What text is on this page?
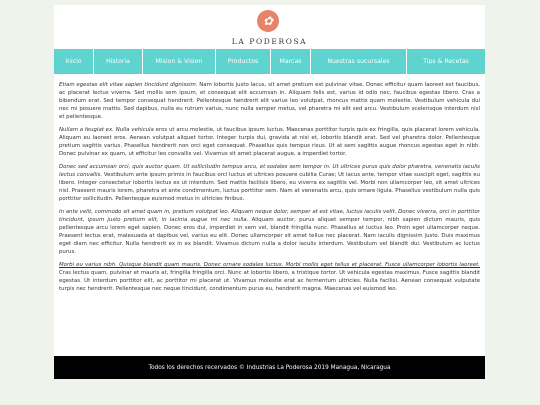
✿
LA PODEROSA
Inicio	Historia	Mision & Vision	Productos	Marcas	Nuestras sucursales	Tips & Recetas

Etiam egestas elit vitae sapien tincidunt dignissim. Nam lobortis justo lacus, sit amet pretium est pulvinar vitae. Donec efficitur quam laoreet est faucibus, ac placerat lectus viverra. Sed mollis sem ipsum, et consequat elit accumsan in. Aliquam felis est, varius id odio nec, faucibus egestas libero. Cras a bibendum erat. Sed tempor consequat hendrerit. Pellentesque hendrerit elit varius leo volutpat, rhoncus mattis quam molestie. Vestibulum vehicula dui nec mi posuere mattis. Sed dapibus, nulla eu rutrum varius, nunc nulla semper metus, vel pharetra mi elit sed arcu. Vestibulum scelerisque interdum nisl et pellentesque.

Nullam a feugiat ex. Nulla vehicula eros ut arcu molestie, ut faucibus ipsum luctus. Maecenas porttitor turpis quis ex fringilla, quis placerat lorem vehicula. Aliquam eu laoreet eros. Aenean volutpat aliquet tortor. Integer turpis dui, gravida at nisi et, lobortis blandit erat. Sed vel pharetra dolor. Pellentesque pretium sagittis varius. Phasellus hendrerit non orci eget consequat. Phasellus quis tempus risus. Ut at sem sagittis augue rhoncus egestas eget in nibh. Donec pulvinar ex quam, ut efficitur leo convallis vel. Vivamus sit amet placerat augue, a imperdiet tortor.

Donec sed accumsan orci, quis auctor quam. Ut sollicitudin tempus arcu, et sodales sem tempor in. Ut ultrices purus quis dolor pharetra, venenatis iaculis lectus convallis. Vestibulum ante ipsum primis in faucibus orci luctus et ultrices posuere cubilia Curae; Ut lacus ante, tempor vitae suscipit eget, sagittis eu libero. Integer consectetur lobortis lectus ex ut interdum. Sed mattis facilisis libero, eu viverra ex sagittis vel. Morbi non ullamcorper leo, sit amet ultrices nisl. Praesent mauris lorem, pharetra et ante condimentum, luctus porttitor sem. Nam at venenatis arcu, quis ornare ligula. Phasellus vestibulum nulla quis porttitor sollicitudin. Pellentesque euismod metus in ultricies finibus.

In ante velit, commodo sit amet quam in, pretium volutpat leo. Aliquam neque dolor, semper at est vitae, luctus iaculis velit. Donec viverra, orci in porttitor tincidunt, ipsum justo pretium elit, in lacinia augue mi nec nulla. Aliquam auctor, purus aliquet semper tempor, nibh sapien dictum mauris, quis pellentesque arcu lorem eget sapien. Donec eros dui, imperdiet in sem vel, blandit fringilla nunc. Phasellus at luctus leo. Proin eget ullamcorper neque. Praesent lectus erat, malesuada at dapibus vel, varius eu elit. Donec ullamcorper sit amet tellus nec placerat. Nam iaculis dignissim justo. Duis maximus eget diam nec efficitur. Nulla hendrerit ex in ex blandit. Vivamus dictum nulla a dolor iaculis interdum. Vestibulum vel blandit dui. Vestibulum ac luctus purus.

Morbi eu varius nibh. Quisque blandit quam mauris. Donec ornare sodales luctus. Morbi mollis eget tellus et placerat. Fusce ullamcorper lobortis laoreet. Cras lectus quam, pulvinar et mauris at, fringilla fringilla orci. Nunc at lobortis libero, a tristique tortor. Ut vehicula egestas maximus. Fusce sagittis blandit egestas. Ut interdum porttitor elit, ac porttitor mi placerat ut. Vivamus molestie erat ac fermentum ultricies. Nulla facilisi. Aenean consequat vulputate turpis nec hendrerit. Pellentesque nec neque tincidunt, condimentum purus eu, hendrerit magna. Maecenas vel euismod leo.

Todos los derechos recervados © Industrias La Poderosa 2019 Managua, Nicaragua
